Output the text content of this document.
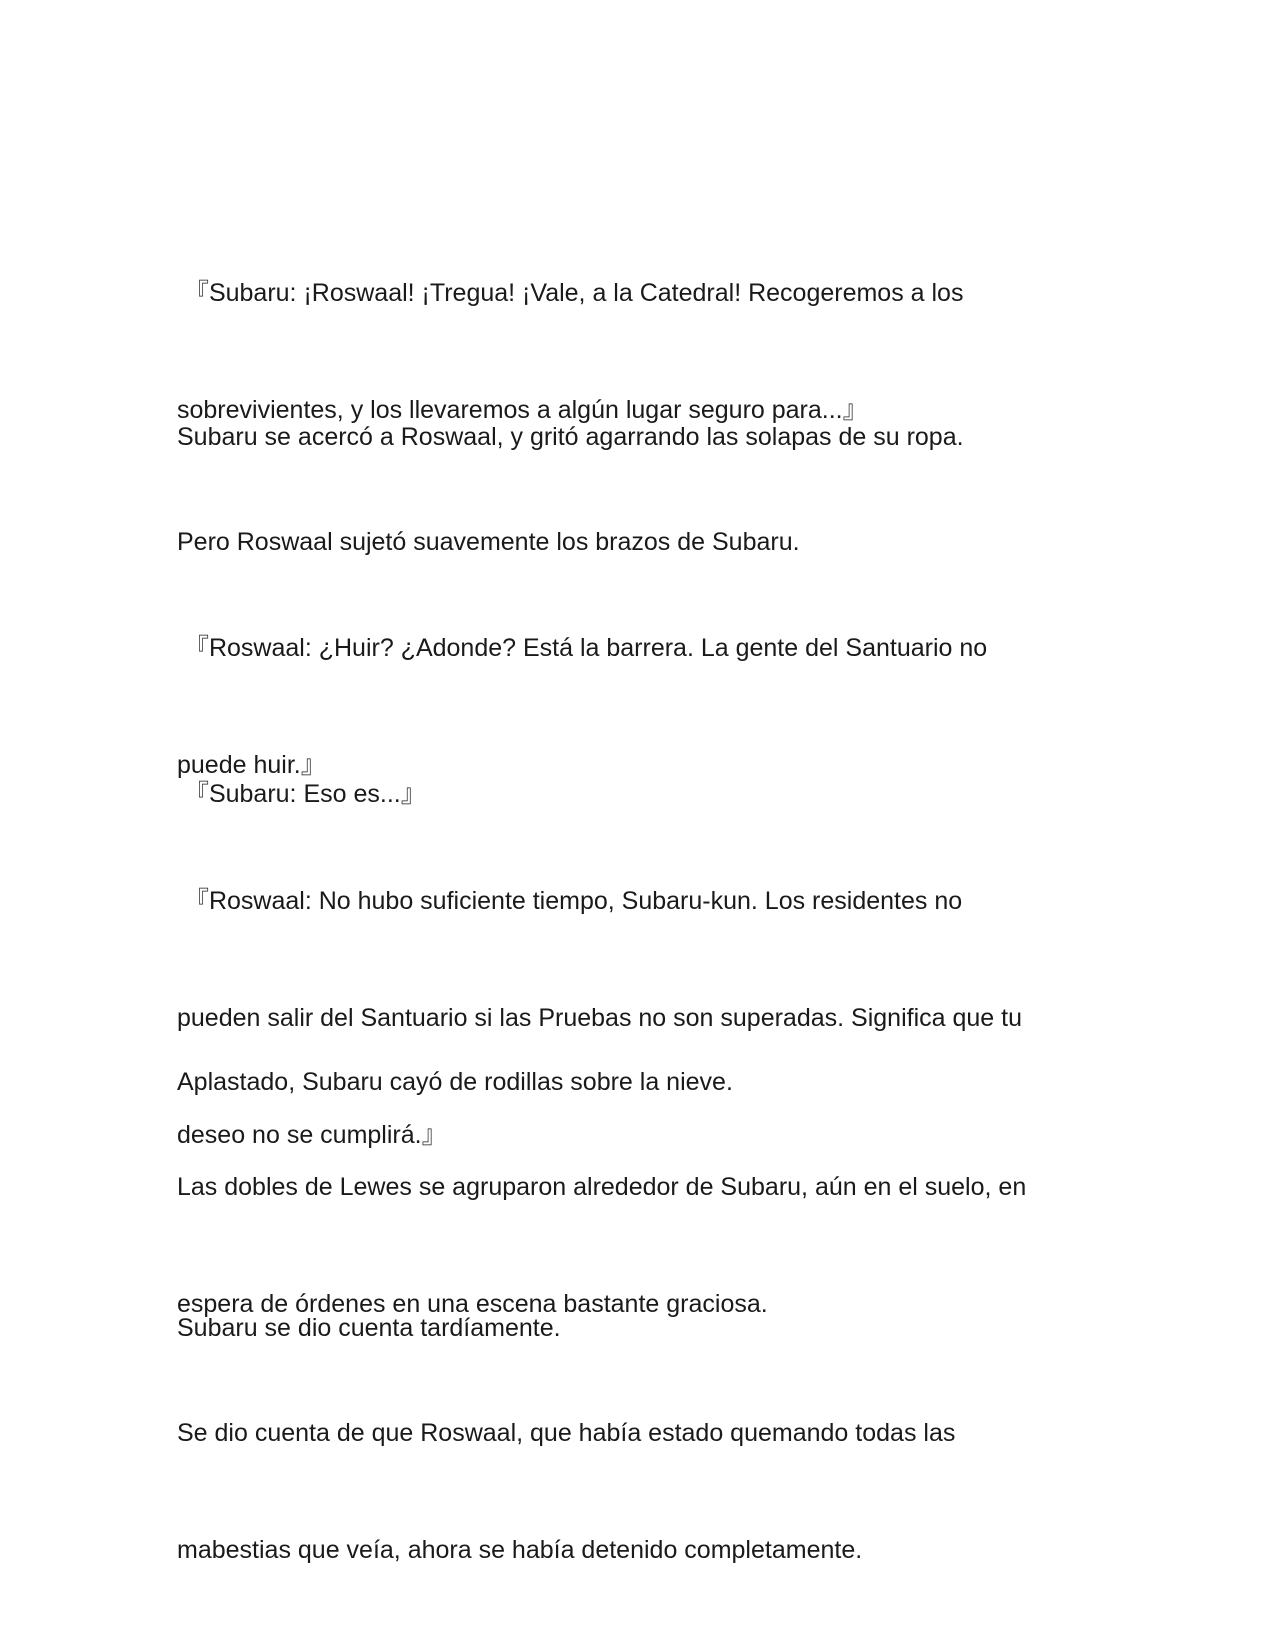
『Subaru: ¡Roswaal! ¡Tregua! ¡Vale, a la Catedral! Recogeremos a los

sobrevivientes, y los llevaremos a algún lugar seguro para...』

Subaru se acercó a Roswaal, y gritó agarrando las solapas de su ropa.

Pero Roswaal sujetó suavemente los brazos de Subaru.

『Roswaal: ¿Huir? ¿Adonde? Está la barrera. La gente del Santuario no

puede huir.』

『Subaru: Eso es...』

『Roswaal: No hubo suficiente tiempo, Subaru-kun. Los residentes no

pueden salir del Santuario si las Pruebas no son superadas. Significa que tu

deseo no se cumplirá.』

Aplastado, Subaru cayó de rodillas sobre la nieve.

Las dobles de Lewes se agruparon alrededor de Subaru, aún en el suelo, en

espera de órdenes en una escena bastante graciosa.

Subaru se dio cuenta tardíamente.

Se dio cuenta de que Roswaal, que había estado quemando todas las

mabestias que veía, ahora se había detenido completamente.
